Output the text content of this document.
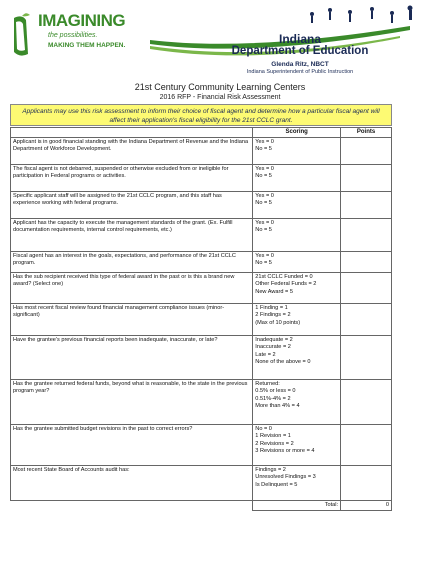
IMAGINING
the possibilities.
MAKING THEM HAPPEN.	Indiana
Department of Education
Glenda Ritz, NBCT
Indiana Superintendent of Public Instruction
21st Century Community Learning Centers
2016 RFP - Financial Risk Assessment
Applicants may use this risk assessment to inform their choice of fiscal agent and determine how a particular fiscal agent will affect their application's fiscal eligibility for the 21st CCLC grant.
	Scoring	Points
Applicant is in good financial standing with the Indiana Department of Revenue and the Indiana Department of Workforce Development.	Yes = 0
No = 5	

The fiscal agent is not debarred, suspended or otherwise excluded from or ineligible for participation in Federal programs or activities.	Yes = 0
No = 5	

Specific applicant staff will be assigned to the 21st CCLC program, and this staff has experience working with federal programs.	Yes = 0
No = 5	

Applicant has the capacity to execute the management standards of the grant. (Ex. Fulfill documentation requirements, internal control requirements, etc.)	Yes = 0
No = 5	

Fiscal agent has an interest in the goals, expectations, and performance of the 21st CCLC program.	Yes = 0
No = 5	

Has the sub recipient received this type of federal award in the past or is this a brand new award? (Select one)	21st CCLC Funded = 0
Other Federal Funds = 2
New Award = 5	

Has most recent fiscal review found financial management compliance issues (minor-significant)	1 Finding = 1
2 Findings = 2
(Max of 10 points)	

Have the grantee's previous financial reports been inadequate, inaccurate, or late?	Inadequate = 2
Inaccurate = 2
Late = 2
None of the above = 0	

Has the grantee returned federal funds, beyond what is reasonable, to the state in the previous program year?	Returned:
0.5% or less = 0
0.51%-4% = 2
More than 4% = 4	

Has the grantee submitted budget revisions in the past to correct errors?	No = 0
1 Revision = 1
2 Revisions = 2
3 Revisions or more = 4	

Most recent State Board of Accounts audit has:	Findings = 2
Unresolved Findings = 3
Is Delinquent = 5	

	Total:	0
